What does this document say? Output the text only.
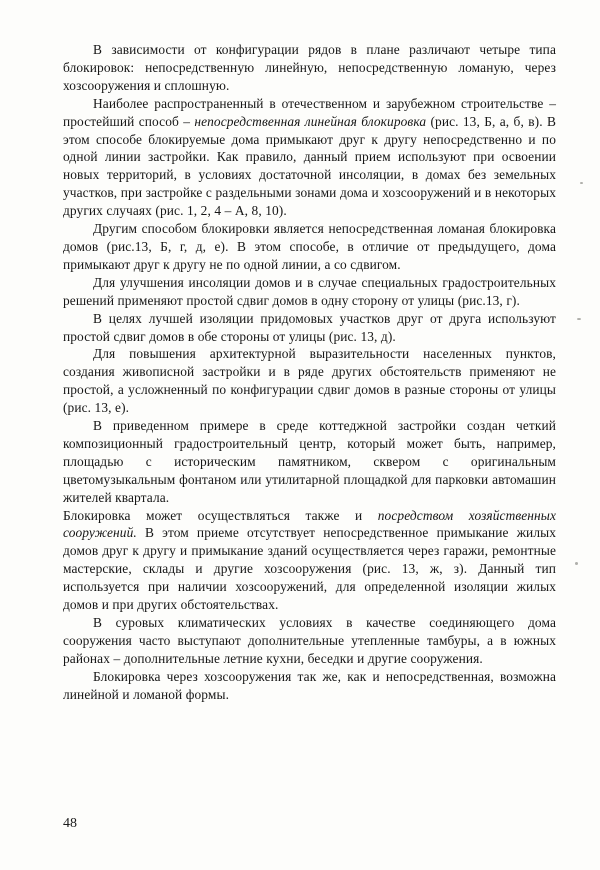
В зависимости от конфигурации рядов в плане различают четыре типа блокировок: непосредственную линейную, непосредственную ломаную, через хозсооружения и сплошную.

Наиболее распространенный в отечественном и зарубежном строительстве – простейший способ – непосредственная линейная блокировка (рис. 13, Б, а, б, в). В этом способе блокируемые дома примыкают друг к другу непосредственно и по одной линии застройки. Как правило, данный прием используют при освоении новых территорий, в условиях достаточной инсоляции, в домах без земельных участков, при застройке с раздельными зонами дома и хозсооружений и в некоторых других случаях (рис. 1, 2, 4 – А, 8, 10).

Другим способом блокировки является непосредственная ломаная блокировка домов (рис.13, Б, г, д, е). В этом способе, в отличие от предыдущего, дома примыкают друг к другу не по одной линии, а со сдвигом.

Для улучшения инсоляции домов и в случае специальных градостроительных решений применяют простой сдвиг домов в одну сторону от улицы (рис.13, г).

В целях лучшей изоляции придомовых участков друг от друга используют простой сдвиг домов в обе стороны от улицы (рис. 13, д).

Для повышения архитектурной выразительности населенных пунктов, создания живописной застройки и в ряде других обстоятельств применяют не простой, а усложненный по конфигурации сдвиг домов в разные стороны от улицы (рис. 13, е).

В приведенном примере в среде коттеджной застройки создан четкий композиционный градостроительный центр, который может быть, например, площадью с историческим памятником, сквером с оригинальным цветомузыкальным фонтаном или утилитарной площадкой для парковки автомашин жителей квартала.

Блокировка может осуществляться также и посредством хозяйственных сооружений. В этом приеме отсутствует непосредственное примыкание жилых домов друг к другу и примыкание зданий осуществляется через гаражи, ремонтные мастерские, склады и другие хозсооружения (рис. 13, ж, з). Данный тип используется при наличии хозсооружений, для определенной изоляции жилых домов и при других обстоятельствах.

В суровых климатических условиях в качестве соединяющего дома сооружения часто выступают дополнительные утепленные тамбуры, а в южных районах – дополнительные летние кухни, беседки и другие сооружения.

Блокировка через хозсооружения так же, как и непосредственная, возможна линейной и ломаной формы.

48
